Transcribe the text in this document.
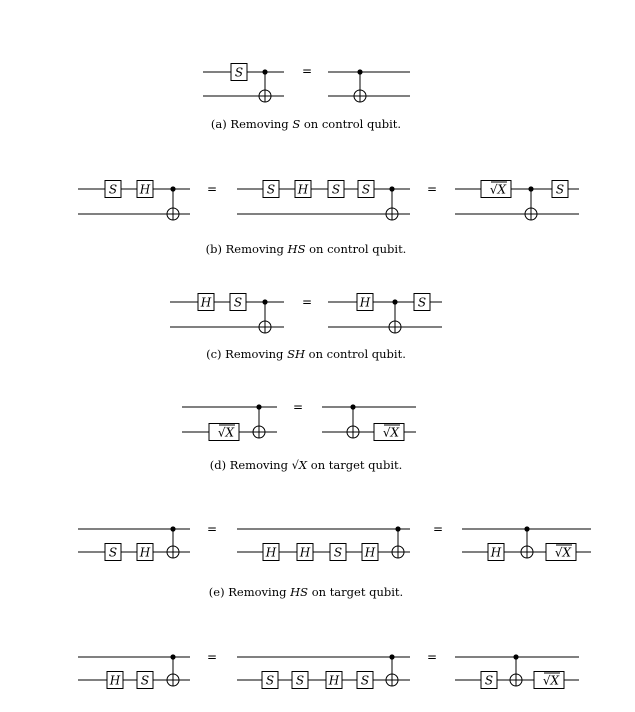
S
S H	S H S S	√X	S
H S	H	S
√X	√X
S H	H H S H	H	√X
H S	S S H S	S	√X
=
=	=
=
=
=	=
=	=
(a) Removing S on control qubit.
(b) Removing HS on control qubit.
(c) Removing SH on control qubit.
(d) Removing √X on target qubit.
(e) Removing HS on target qubit.
